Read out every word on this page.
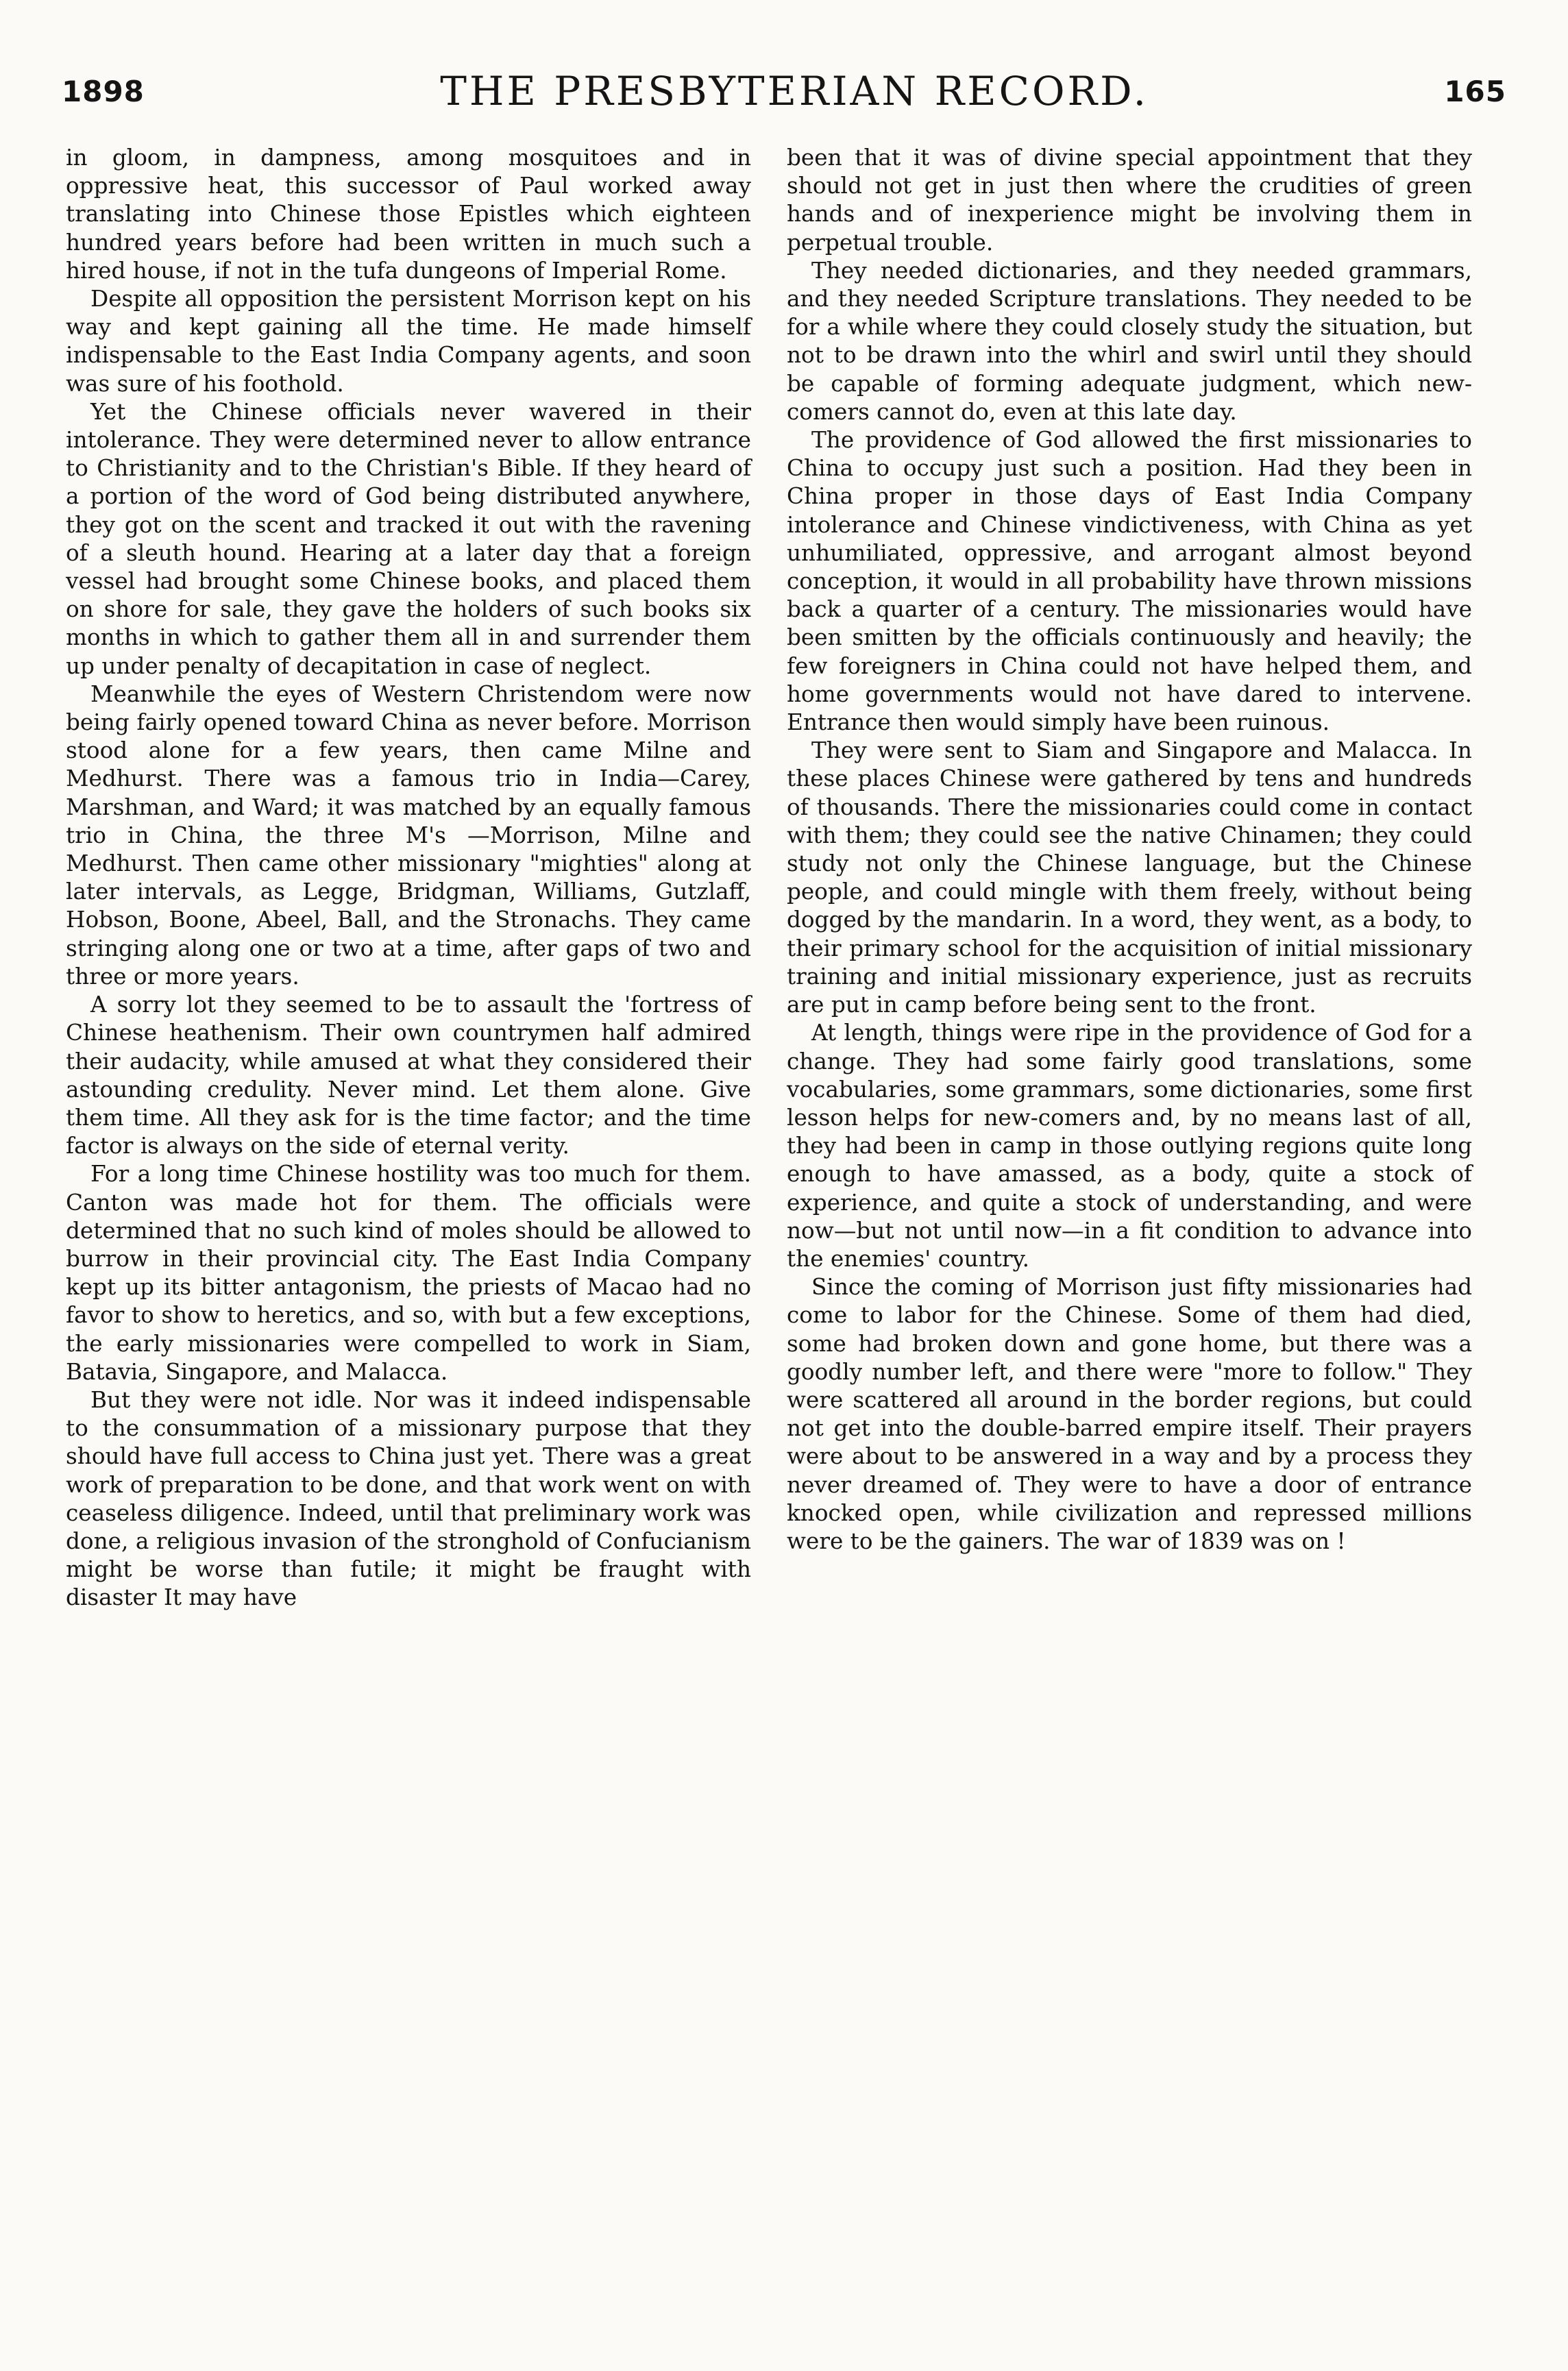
1898	THE PRESBYTERIAN RECORD.	165

in gloom, in dampness, among mosquitoes and in oppressive heat, this successor of Paul worked away translating into Chinese those Epistles which eighteen hundred years before had been written in much such a hired house, if not in the tufa dungeons of Imperial Rome.

Despite all opposition the persistent Morrison kept on his way and kept gaining all the time. He made himself indispensable to the East India Company agents, and soon was sure of his foothold.

Yet the Chinese officials never wavered in their intolerance. They were determined never to allow entrance to Christianity and to the Christian's Bible. If they heard of a portion of the word of God being distributed anywhere, they got on the scent and tracked it out with the ravening of a sleuth hound. Hearing at a later day that a foreign vessel had brought some Chinese books, and placed them on shore for sale, they gave the holders of such books six months in which to gather them all in and surrender them up under penalty of decapitation in case of neglect.

Meanwhile the eyes of Western Christendom were now being fairly opened toward China as never before. Morrison stood alone for a few years, then came Milne and Medhurst. There was a famous trio in India—Carey, Marshman, and Ward; it was matched by an equally famous trio in China, the three M's —Morrison, Milne and Medhurst. Then came other missionary "mighties" along at later intervals, as Legge, Bridgman, Williams, Gutzlaff, Hobson, Boone, Abeel, Ball, and the Stronachs. They came stringing along one or two at a time, after gaps of two and three or more years.

A sorry lot they seemed to be to assault the 'fortress of Chinese heathenism. Their own countrymen half admired their audacity, while amused at what they considered their astounding credulity. Never mind. Let them alone. Give them time. All they ask for is the time factor; and the time factor is always on the side of eternal verity.

For a long time Chinese hostility was too much for them. Canton was made hot for them. The officials were determined that no such kind of moles should be allowed to burrow in their provincial city. The East India Company kept up its bitter antagonism, the priests of Macao had no favor to show to heretics, and so, with but a few exceptions, the early missionaries were compelled to work in Siam, Batavia, Singapore, and Malacca.

But they were not idle. Nor was it indeed indispensable to the consummation of a missionary purpose that they should have full access to China just yet. There was a great work of preparation to be done, and that work went on with ceaseless diligence. Indeed, until that preliminary work was done, a religious invasion of the stronghold of Confucianism might be worse than futile; it might be fraught with disaster It may have

been that it was of divine special appointment that they should not get in just then where the crudities of green hands and of inexperience might be involving them in perpetual trouble.

They needed dictionaries, and they needed grammars, and they needed Scripture translations. They needed to be for a while where they could closely study the situation, but not to be drawn into the whirl and swirl until they should be capable of forming adequate judgment, which new-comers cannot do, even at this late day.

The providence of God allowed the first missionaries to China to occupy just such a position. Had they been in China proper in those days of East India Company intolerance and Chinese vindictiveness, with China as yet unhumiliated, oppressive, and arrogant almost beyond conception, it would in all probability have thrown missions back a quarter of a century. The missionaries would have been smitten by the officials continuously and heavily; the few foreigners in China could not have helped them, and home governments would not have dared to intervene. Entrance then would simply have been ruinous.

They were sent to Siam and Singapore and Malacca. In these places Chinese were gathered by tens and hundreds of thousands. There the missionaries could come in contact with them; they could see the native Chinamen; they could study not only the Chinese language, but the Chinese people, and could mingle with them freely, without being dogged by the mandarin. In a word, they went, as a body, to their primary school for the acquisition of initial missionary training and initial missionary experience, just as recruits are put in camp before being sent to the front.

At length, things were ripe in the providence of God for a change. They had some fairly good translations, some vocabularies, some grammars, some dictionaries, some first lesson helps for new-comers and, by no means last of all, they had been in camp in those outlying regions quite long enough to have amassed, as a body, quite a stock of experience, and quite a stock of understanding, and were now—but not until now—in a fit condition to advance into the enemies' country.

Since the coming of Morrison just fifty missionaries had come to labor for the Chinese. Some of them had died, some had broken down and gone home, but there was a goodly number left, and there were "more to follow." They were scattered all around in the border regions, but could not get into the double-barred empire itself. Their prayers were about to be answered in a way and by a process they never dreamed of. They were to have a door of entrance knocked open, while civilization and repressed millions were to be the gainers. The war of 1839 was on !
